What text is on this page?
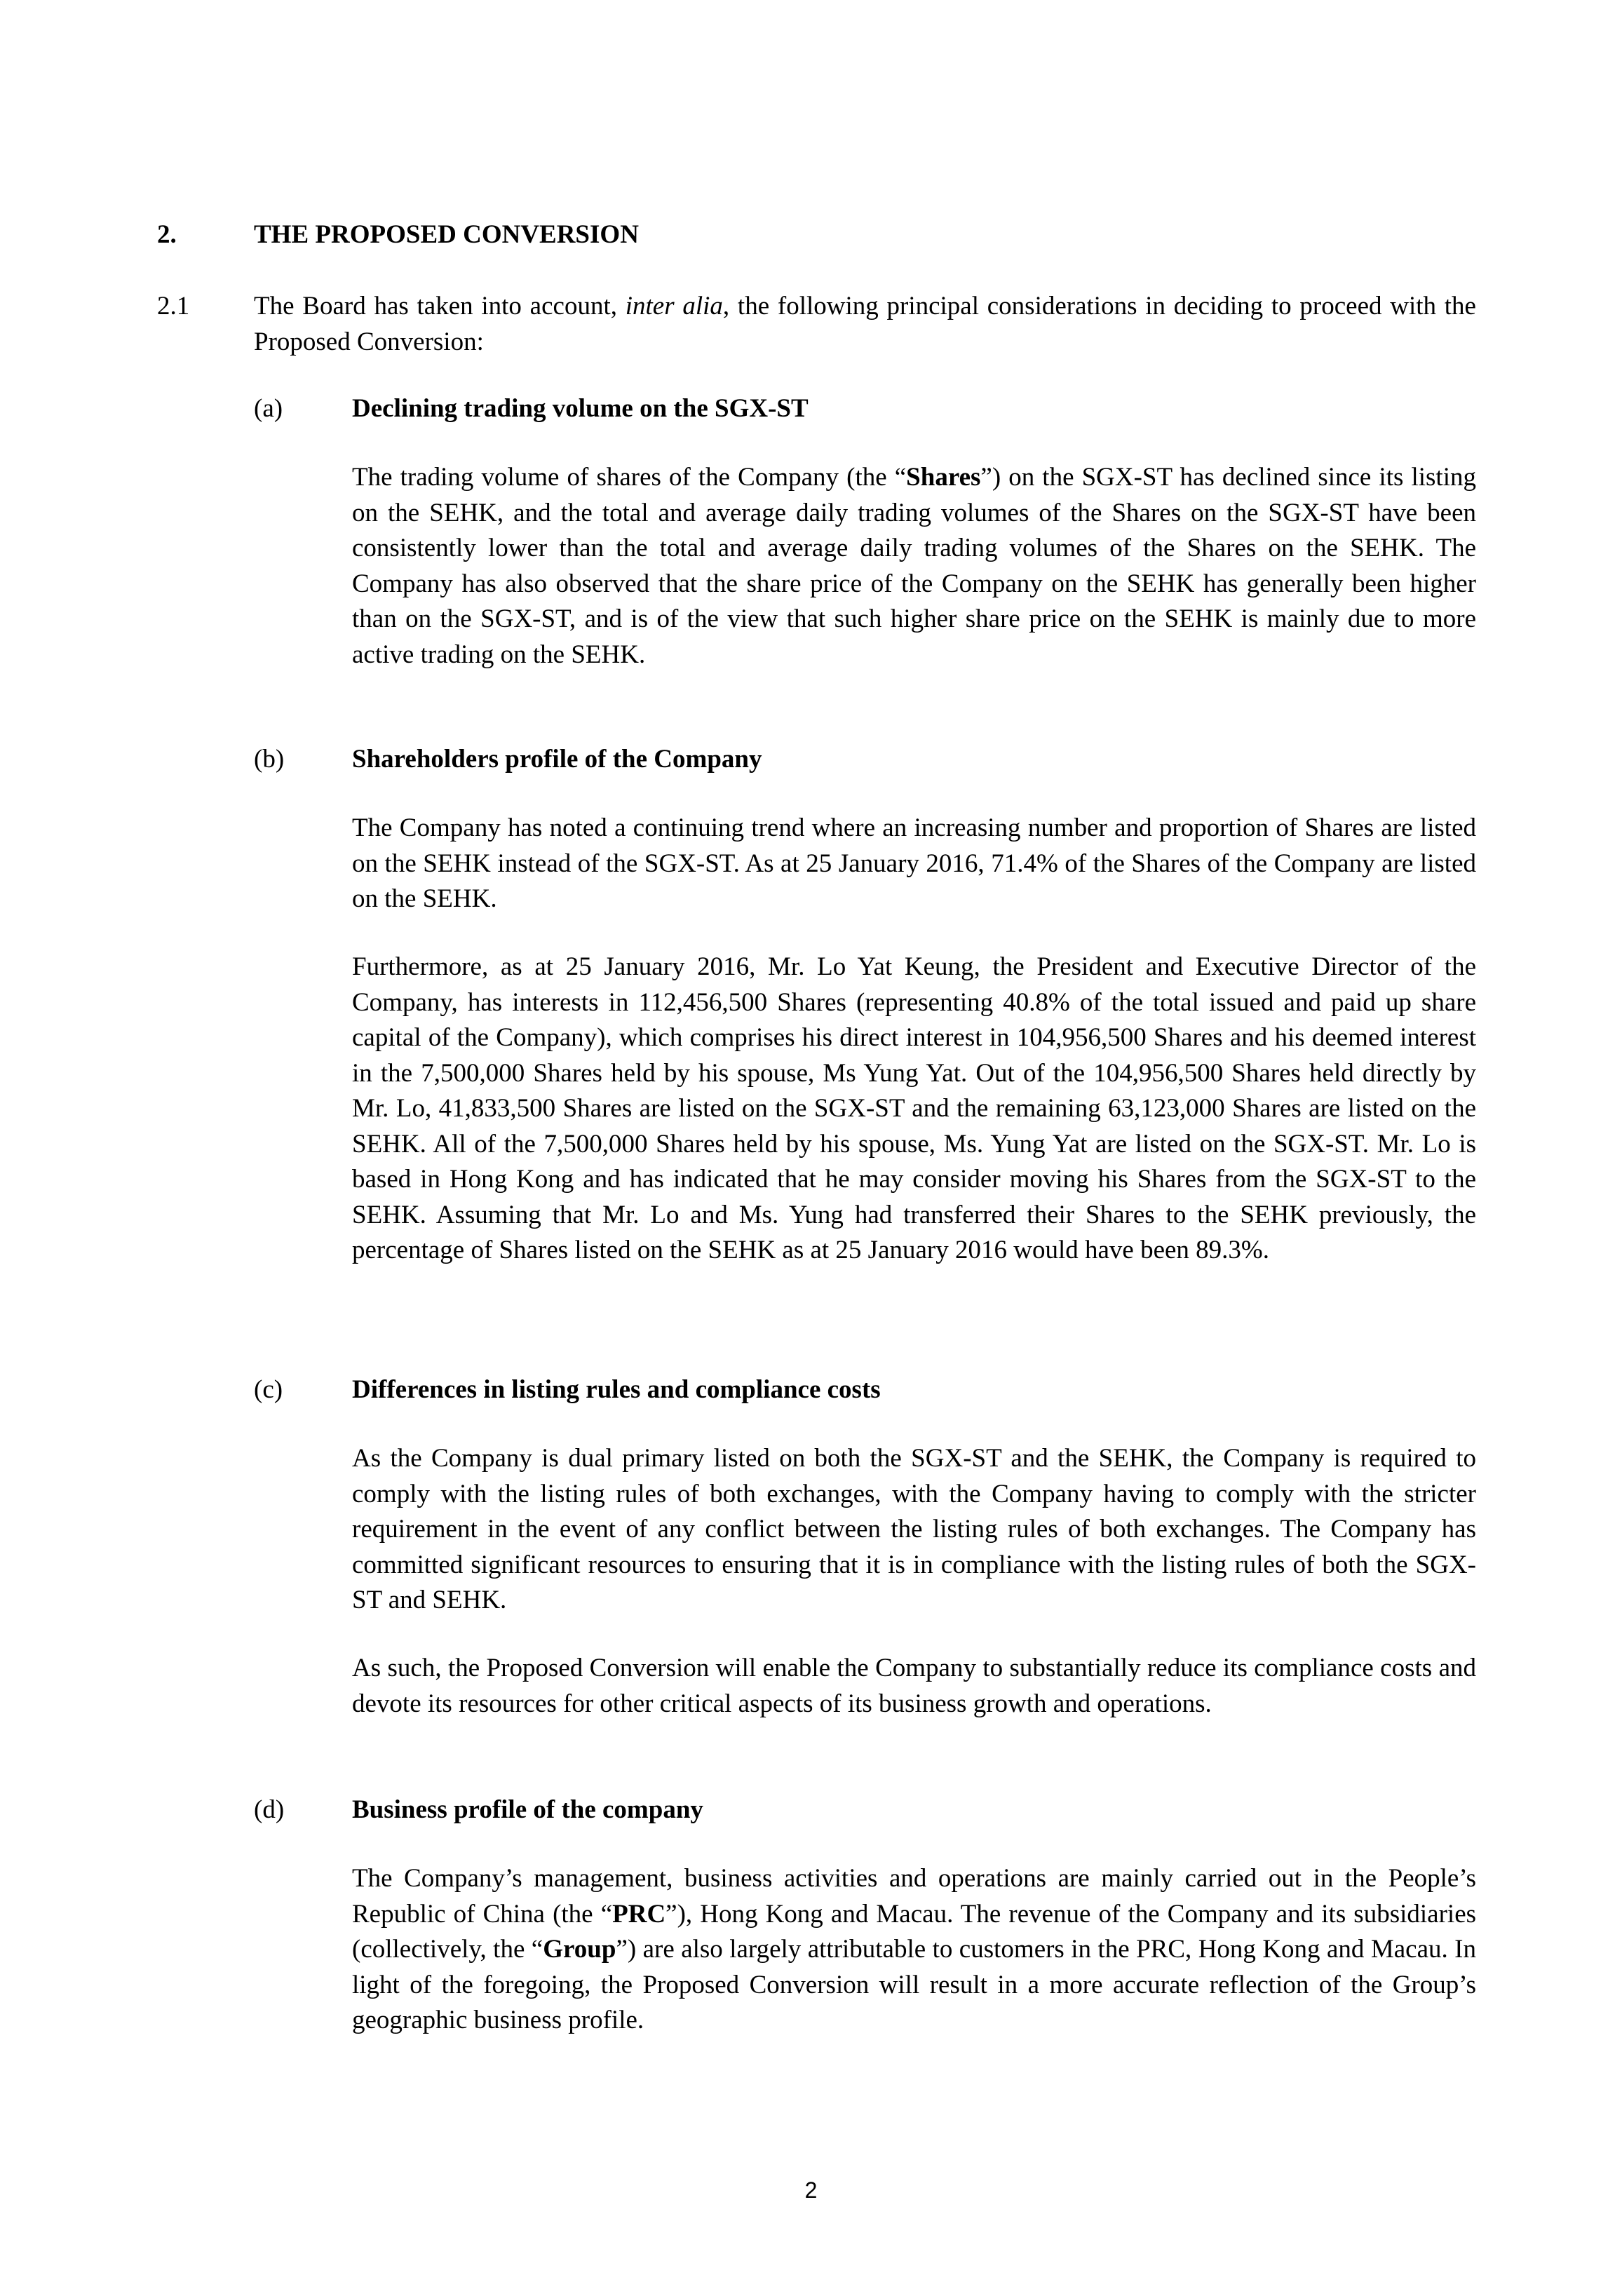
2.	THE PROPOSED CONVERSION
2.1	The Board has taken into account, inter alia, the following principal considerations in deciding to proceed with the Proposed Conversion:
(a)	Declining trading volume on the SGX-ST
The trading volume of shares of the Company (the “Shares”) on the SGX-ST has declined since its listing on the SEHK, and the total and average daily trading volumes of the Shares on the SGX-ST have been consistently lower than the total and average daily trading volumes of the Shares on the SEHK. The Company has also observed that the share price of the Company on the SEHK has generally been higher than on the SGX-ST, and is of the view that such higher share price on the SEHK is mainly due to more active trading on the SEHK.
(b)	Shareholders profile of the Company
The Company has noted a continuing trend where an increasing number and proportion of Shares are listed on the SEHK instead of the SGX-ST. As at 25 January 2016, 71.4% of the Shares of the Company are listed on the SEHK.
Furthermore, as at 25 January 2016, Mr. Lo Yat Keung, the President and Executive Director of the Company, has interests in 112,456,500 Shares (representing 40.8% of the total issued and paid up share capital of the Company), which comprises his direct interest in 104,956,500 Shares and his deemed interest in the 7,500,000 Shares held by his spouse, Ms Yung Yat. Out of the 104,956,500 Shares held directly by Mr. Lo, 41,833,500 Shares are listed on the SGX-ST and the remaining 63,123,000 Shares are listed on the SEHK. All of the 7,500,000 Shares held by his spouse, Ms. Yung Yat are listed on the SGX-ST. Mr. Lo is based in Hong Kong and has indicated that he may consider moving his Shares from the SGX-ST to the SEHK. Assuming that Mr. Lo and Ms. Yung had transferred their Shares to the SEHK previously, the percentage of Shares listed on the SEHK as at 25 January 2016 would have been 89.3%.
(c)	Differences in listing rules and compliance costs
As the Company is dual primary listed on both the SGX-ST and the SEHK, the Company is required to comply with the listing rules of both exchanges, with the Company having to comply with the stricter requirement in the event of any conflict between the listing rules of both exchanges. The Company has committed significant resources to ensuring that it is in compliance with the listing rules of both the SGX-ST and SEHK.
As such, the Proposed Conversion will enable the Company to substantially reduce its compliance costs and devote its resources for other critical aspects of its business growth and operations.
(d)	Business profile of the company
The Company’s management, business activities and operations are mainly carried out in the People’s Republic of China (the “PRC”), Hong Kong and Macau. The revenue of the Company and its subsidiaries (collectively, the “Group”) are also largely attributable to customers in the PRC, Hong Kong and Macau. In light of the foregoing, the Proposed Conversion will result in a more accurate reflection of the Group’s geographic business profile.
2
